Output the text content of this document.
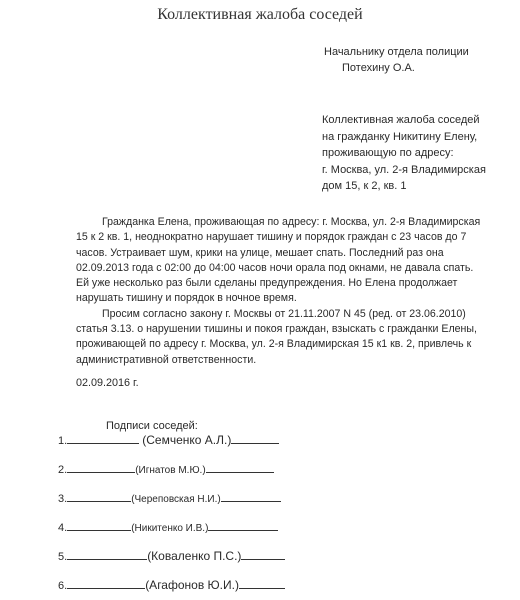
Коллективная жалоба соседей
Начальнику отдела полиции
Потехину О.А.
Коллективная жалоба соседей
на гражданку Никитину Елену,
проживающую по адресу:
г. Москва, ул. 2-я Владимирская
дом 15, к 2, кв. 1
Гражданка Елена, проживающая по адресу: г. Москва, ул. 2-я Владимирская
15 к 2 кв. 1, неоднократно нарушает тишину и порядок граждан с 23 часов до 7
часов. Устраивает шум, крики на улице, мешает спать. Последний раз она
02.09.2013 года с 02:00 до 04:00 часов ночи орала под окнами, не давала спать.
Ей уже несколько раз были сделаны предупреждения. Но Елена продолжает
нарушать тишину и порядок в ночное время.
Просим согласно закону г. Москвы от 21.11.2007 N 45 (ред. от 23.06.2010)
статья 3.13. о нарушении тишины и покоя граждан, взыскать с гражданки Елены,
проживающей по адресу г. Москва, ул. 2-я Владимирская 15 к1 кв. 2, привлечь к
административной ответственности.
02.09.2016 г.
Подписи соседей:
1.	(Семченко А.Л.)
2.	(Игнатов М.Ю.)
3.	(Череповская Н.И.)
4.	(Никитенко И.В.)
5.	(Коваленко П.С.)
6.	(Агафонов Ю.И.)
